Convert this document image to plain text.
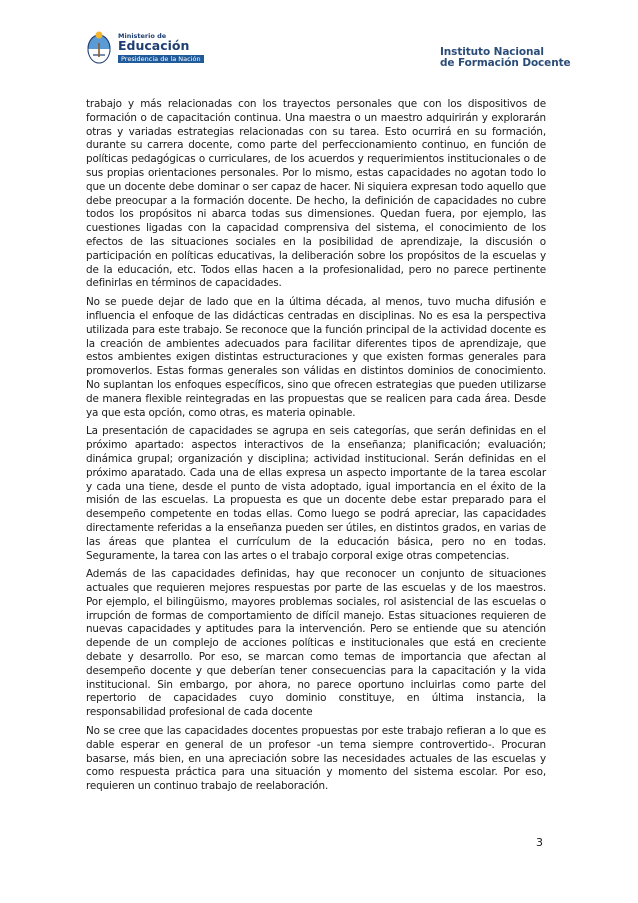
Ministerio de
Educación
Presidencia de la Nación
Instituto Nacional
de Formación Docente

trabajo y más relacionadas con los trayectos personales que con los dispositivos de formación o de capacitación continua. Una maestra o un maestro adquirirán y explorarán otras y variadas estrategias relacionadas con su tarea. Esto ocurrirá en su formación, durante su carrera docente, como parte del perfeccionamiento continuo, en función de políticas pedagógicas o curriculares, de los acuerdos y requerimientos institucionales o de sus propias orientaciones personales. Por lo mismo, estas capacidades no agotan todo lo que un docente debe dominar o ser capaz de hacer. Ni siquiera expresan todo aquello que debe preocupar a la formación docente. De hecho, la definición de capacidades no cubre todos los propósitos ni abarca todas sus dimensiones. Quedan fuera, por ejemplo, las cuestiones ligadas con la capacidad comprensiva del sistema, el conocimiento de los efectos de las situaciones sociales en la posibilidad de aprendizaje, la discusión o participación en políticas educativas, la deliberación sobre los propósitos de la escuelas y de la educación, etc. Todos ellas hacen a la profesionalidad, pero no parece pertinente definirlas en términos de capacidades.

No se puede dejar de lado que en la última década, al menos, tuvo mucha difusión e influencia el enfoque de las didácticas centradas en disciplinas. No es esa la perspectiva utilizada para este trabajo. Se reconoce que la función principal de la actividad docente es la creación de ambientes adecuados para facilitar diferentes tipos de aprendizaje, que estos ambientes exigen distintas estructuraciones y que existen formas generales para promoverlos. Estas formas generales son válidas en distintos dominios de conocimiento. No suplantan los enfoques específicos, sino que ofrecen estrategias que pueden utilizarse de manera flexible reintegradas en las propuestas que se realicen para cada área. Desde ya que esta opción, como otras, es materia opinable.

La presentación de capacidades se agrupa en seis categorías, que serán definidas en el próximo apartado: aspectos interactivos de la enseñanza; planificación; evaluación; dinámica grupal; organización y disciplina; actividad institucional. Serán definidas en el próximo aparatado. Cada una de ellas expresa un aspecto importante de la tarea escolar y cada una tiene, desde el punto de vista adoptado, igual importancia en el éxito de la misión de las escuelas. La propuesta es que un docente debe estar preparado para el desempeño competente en todas ellas. Como luego se podrá apreciar, las capacidades directamente referidas a la enseñanza pueden ser útiles, en distintos grados, en varias de las áreas que plantea el currículum de la educación básica, pero no en todas. Seguramente, la tarea con las artes o el trabajo corporal exige otras competencias.

Además de las capacidades definidas, hay que reconocer un conjunto de situaciones actuales que requieren mejores respuestas por parte de las escuelas y de los maestros. Por ejemplo, el bilingüismo, mayores problemas sociales, rol asistencial de las escuelas o irrupción de formas de comportamiento de difícil manejo. Estas situaciones requieren de nuevas capacidades y aptitudes para la intervención. Pero se entiende que su atención depende de un complejo de acciones políticas e institucionales que está en creciente debate y desarrollo. Por eso, se marcan como temas de importancia que afectan al desempeño docente y que deberían tener consecuencias para la capacitación y la vida institucional. Sin embargo, por ahora, no parece oportuno incluirlas como parte del repertorio de capacidades cuyo dominio constituye, en última instancia, la responsabilidad profesional de cada docente

No se cree que las capacidades docentes propuestas por este trabajo refieran a lo que es dable esperar en general de un profesor -un tema siempre controvertido-. Procuran basarse, más bien, en una apreciación sobre las necesidades actuales de las escuelas y como respuesta práctica para una situación y momento del sistema escolar. Por eso, requieren un continuo trabajo de reelaboración.

3
